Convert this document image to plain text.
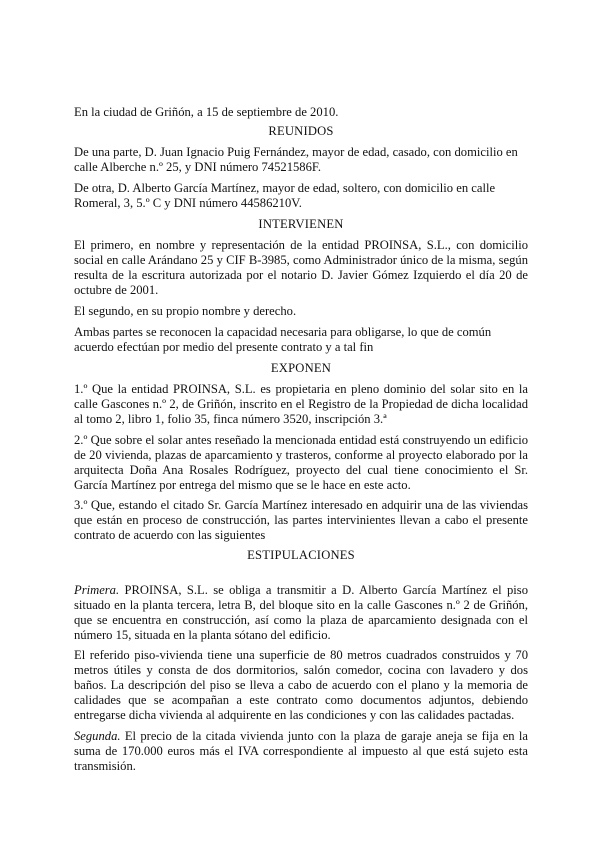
En la ciudad de Griñón, a 15 de septiembre de 2010.

REUNIDOS

De una parte, D. Juan Ignacio Puig Fernández, mayor de edad, casado, con domicilio en calle Alberche n.º 25, y DNI número 74521586F.

De otra, D. Alberto García Martínez, mayor de edad, soltero, con domicilio en calle Romeral, 3, 5.º C y DNI número 44586210V.

INTERVIENEN

El primero, en nombre y representación de la entidad PROINSA, S.L., con domicilio social en calle Arándano 25 y CIF B-3985, como Administrador único de la misma, según resulta de la escritura autorizada por el notario D. Javier Gómez Izquierdo el día 20 de octubre de 2001.

El segundo, en su propio nombre y derecho.

Ambas partes se reconocen la capacidad necesaria para obligarse, lo que de común acuerdo efectúan por medio del presente contrato y a tal fin

EXPONEN

1.º Que la entidad PROINSA, S.L. es propietaria en pleno dominio del solar sito en la calle Gascones n.º 2, de Griñón, inscrito en el Registro de la Propiedad de dicha localidad al tomo 2, libro 1, folio 35, finca número 3520, inscripción 3.ª

2.º Que sobre el solar antes reseñado la mencionada entidad está construyendo un edificio de 20 vivienda, plazas de aparcamiento y trasteros, conforme al proyecto elaborado por la arquitecta Doña Ana Rosales Rodríguez, proyecto del cual tiene conocimiento el Sr. García Martínez por entrega del mismo que se le hace en este acto.

3.º Que, estando el citado Sr. García Martínez interesado en adquirir una de las viviendas que están en proceso de construcción, las partes intervinientes llevan a cabo el presente contrato de acuerdo con las siguientes

ESTIPULACIONES

Primera. PROINSA, S.L. se obliga a transmitir a D. Alberto García Martínez el piso situado en la planta tercera, letra B, del bloque sito en la calle Gascones n.º 2 de Griñón, que se encuentra en construcción, así como la plaza de aparcamiento designada con el número 15, situada en la planta sótano del edificio.

El referido piso-vivienda tiene una superficie de 80 metros cuadrados construidos y 70 metros útiles y consta de dos dormitorios, salón comedor, cocina con lavadero y dos baños. La descripción del piso se lleva a cabo de acuerdo con el plano y la memoria de calidades que se acompañan a este contrato como documentos adjuntos, debiendo entregarse dicha vivienda al adquirente en las condiciones y con las calidades pactadas.

Segunda. El precio de la citada vivienda junto con la plaza de garaje aneja se fija en la suma de 170.000 euros más el IVA correspondiente al impuesto al que está sujeto esta transmisión.
